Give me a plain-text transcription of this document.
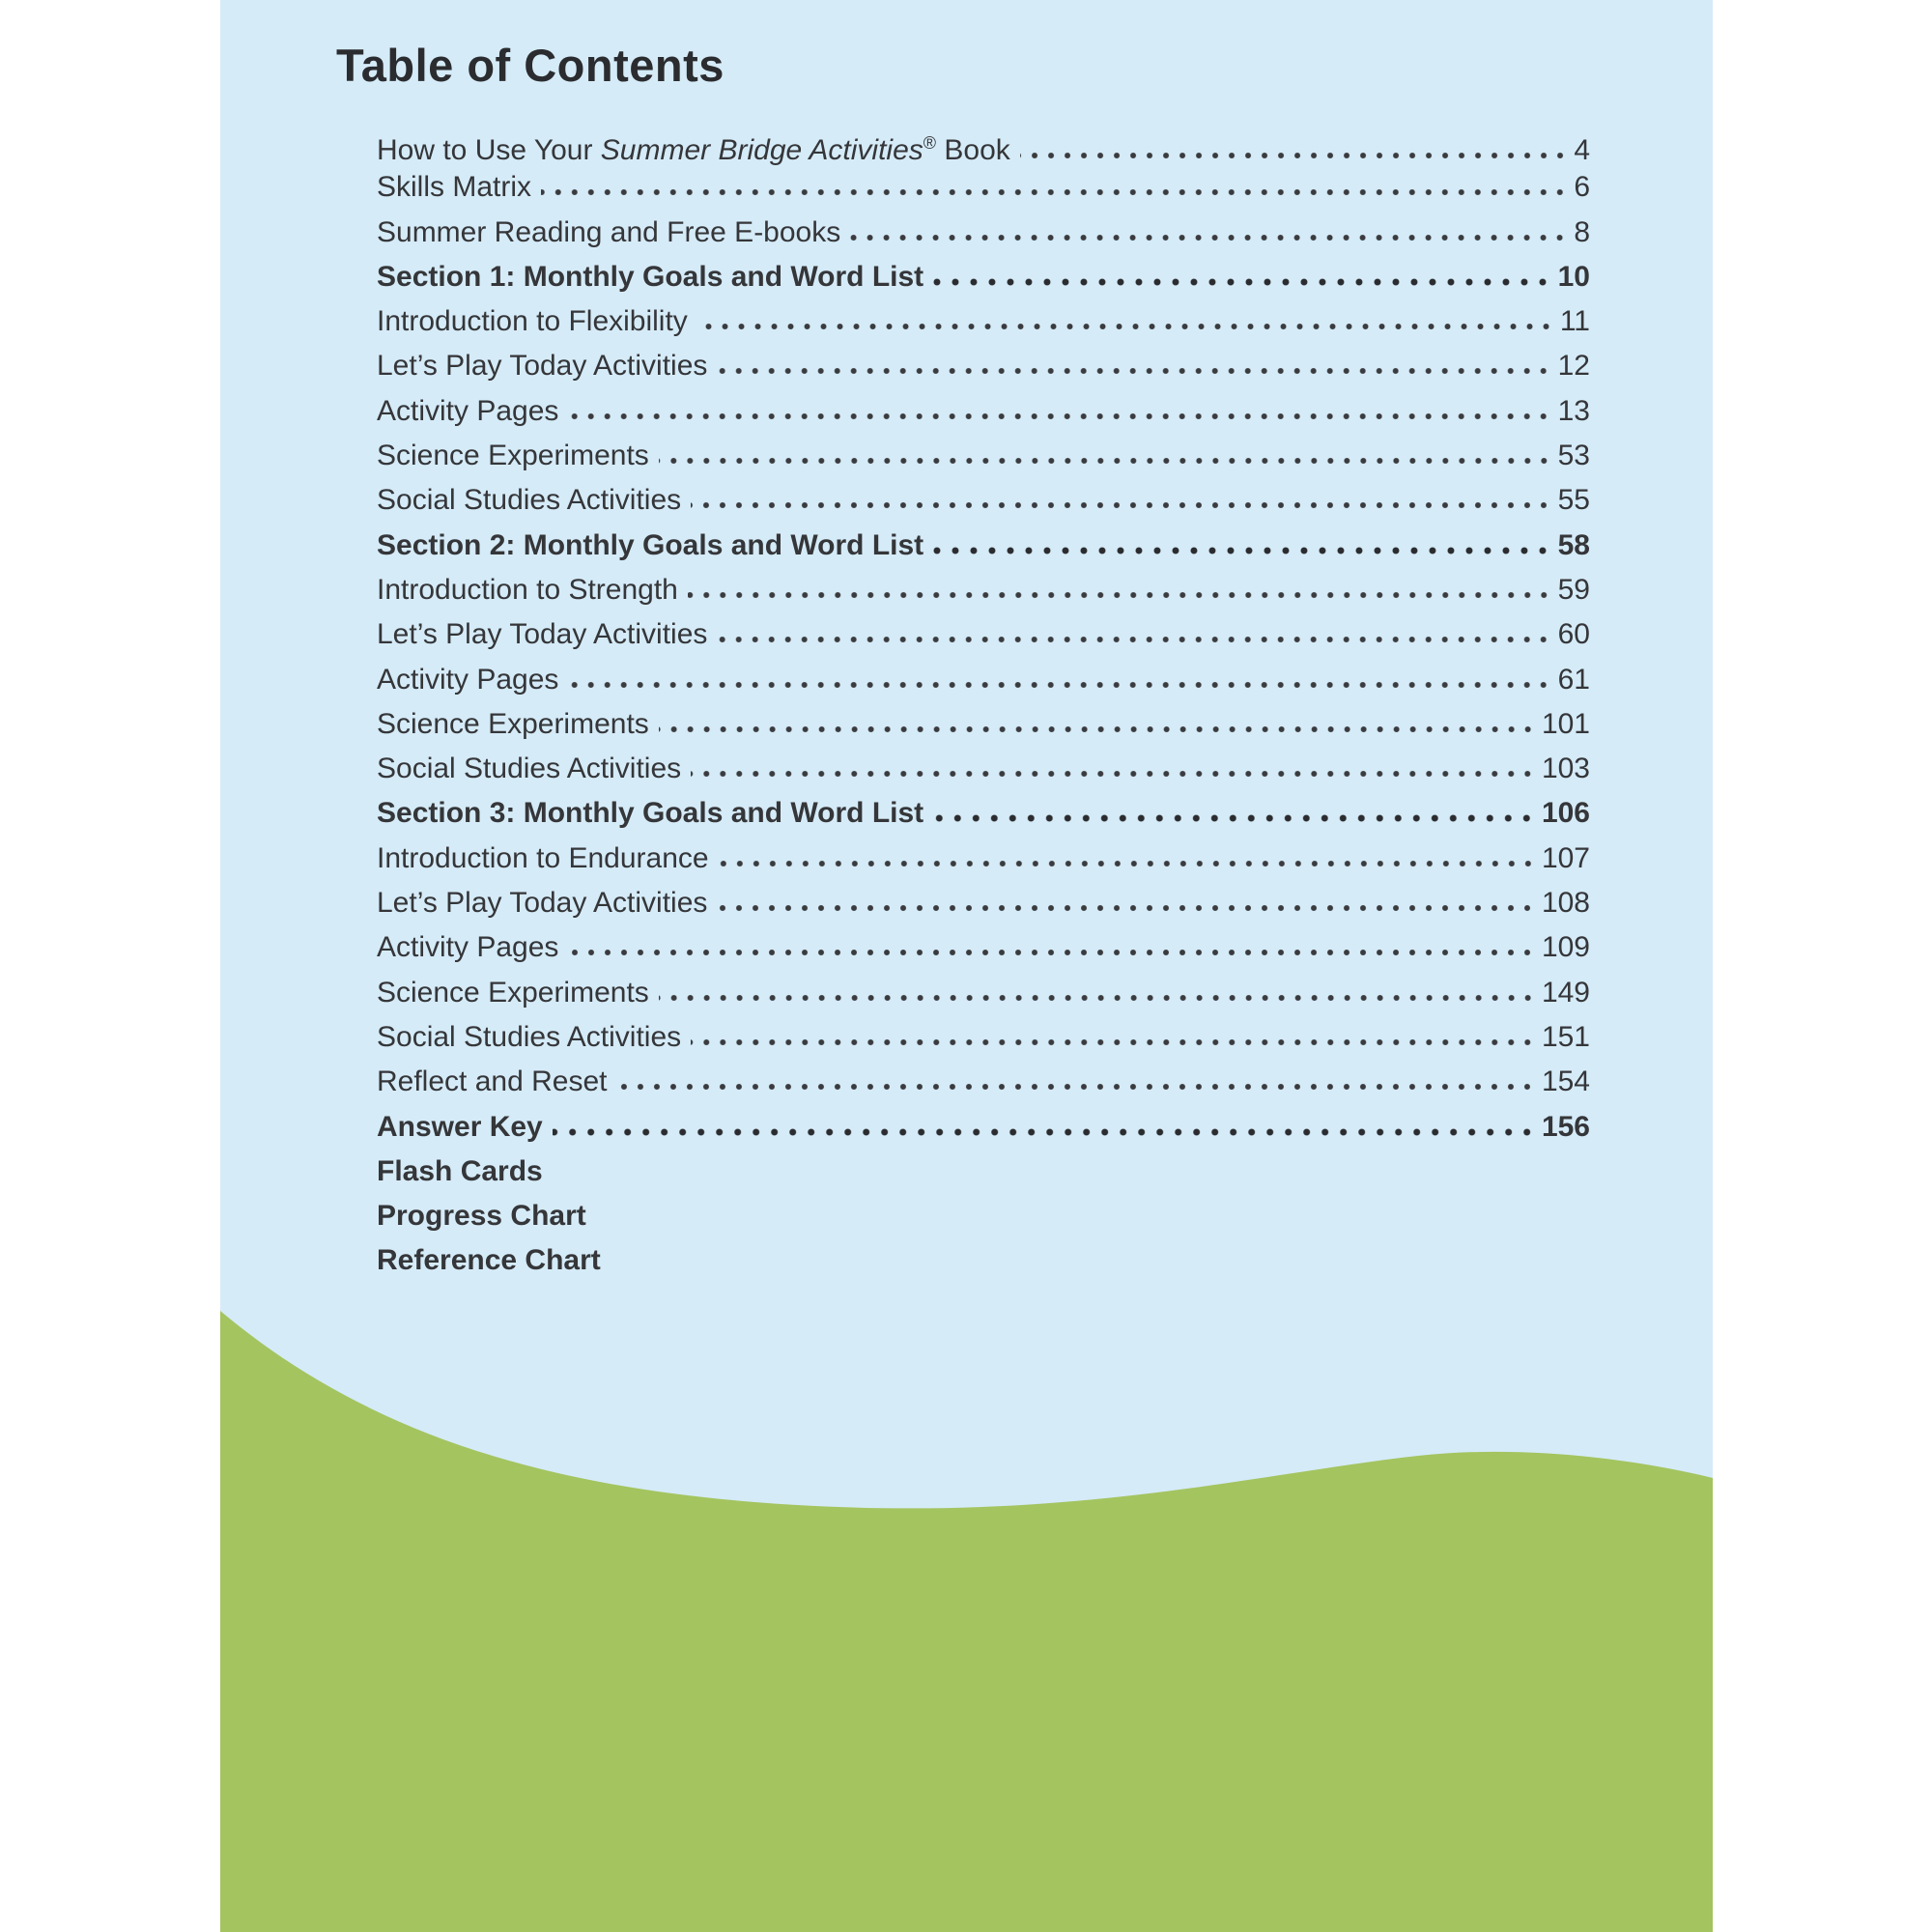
Table of Contents
How to Use Your Summer Bridge Activities® Book	4
Skills Matrix	6
Summer Reading and Free E-books	8
Section 1: Monthly Goals and Word List	10
Introduction to Flexibility	11
Let’s Play Today Activities	12
Activity Pages	13
Science Experiments	53
Social Studies Activities	55
Section 2: Monthly Goals and Word List	58
Introduction to Strength	59
Let’s Play Today Activities	60
Activity Pages	61
Science Experiments	101
Social Studies Activities	103
Section 3: Monthly Goals and Word List	106
Introduction to Endurance	107
Let’s Play Today Activities	108
Activity Pages	109
Science Experiments	149
Social Studies Activities	151
Reflect and Reset	154
Answer Key	156
Flash Cards
Progress Chart
Reference Chart
